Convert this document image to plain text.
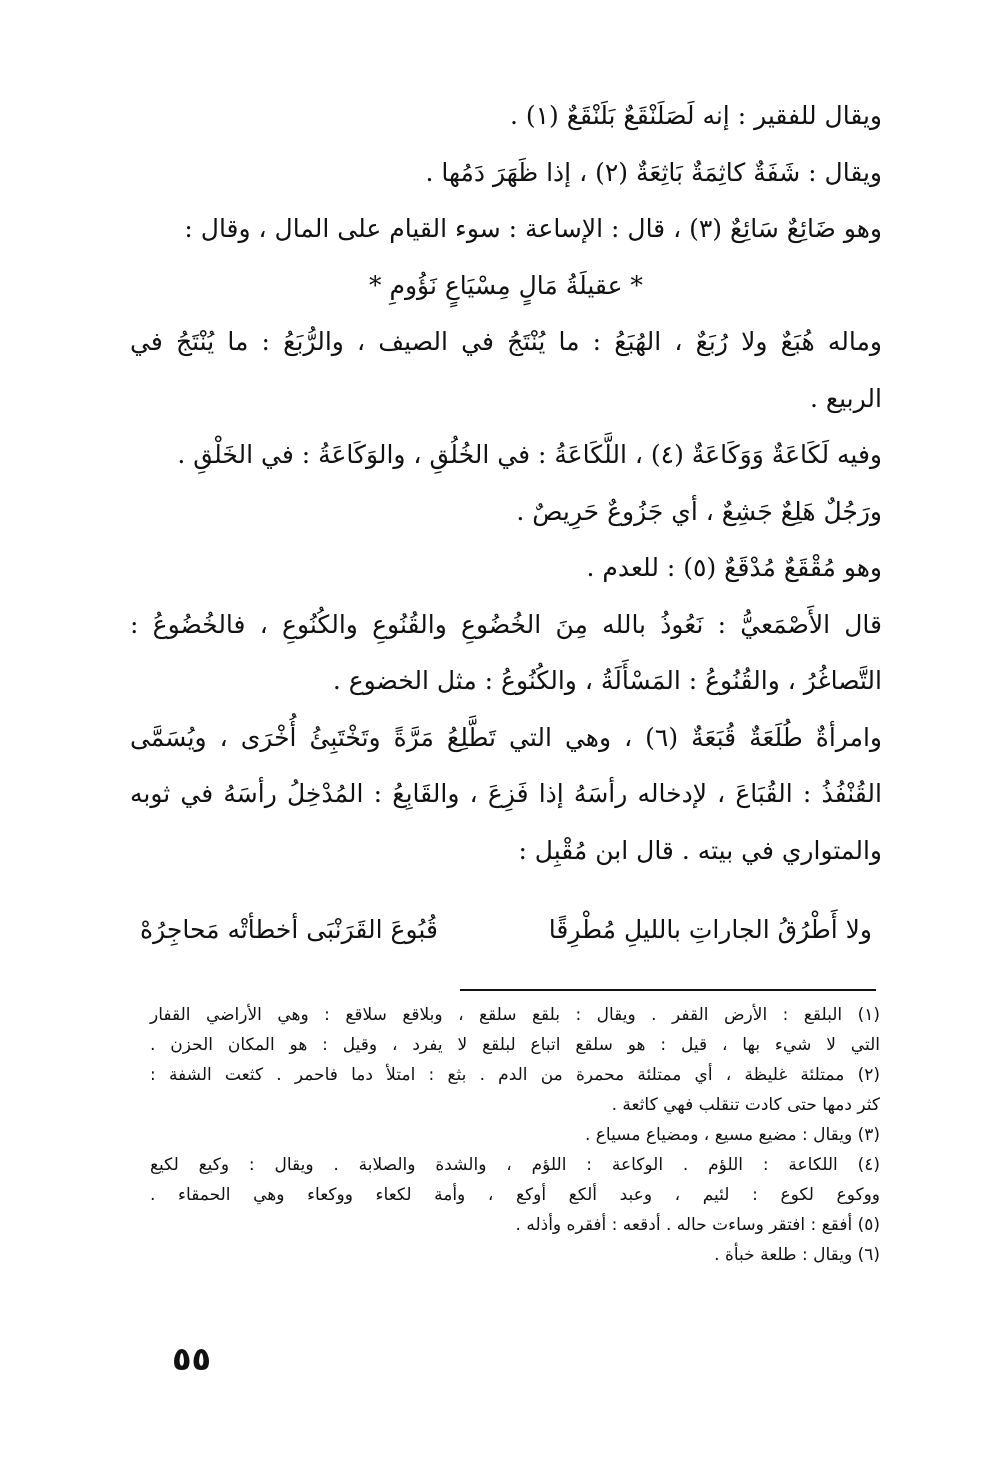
ويقال للفقير : إنه لَصَلَنْقَعٌ بَلَنْقَعٌ (١) .

ويقال : شَفَةٌ كاثِمَةٌ بَاثِعَةٌ (٢) ، إذا ظَهَرَ دَمُها .

وهو ضَائِعٌ سَائِعٌ (٣) ، قال : الإساعة : سوء القيام على المال ، وقال :

* عقيلَةُ مَالٍ مِسْيَاعٍ نَؤُومِ *

وماله هُبَعٌ ولا رُبَعٌ ، الهُبَعُ : ما يُنْتَجُ في الصيف ، والرُّبَعُ : ما يُنْتَجُ في

الربيع .

وفيه لَكَاعَةٌ وَوَكَاعَةٌ (٤) ، اللَّكَاعَةُ : في الخُلُقِ ، والوَكَاعَةُ : في الخَلْقِ .

ورَجُلٌ هَلِعٌ جَشِعٌ ، أي جَزُوعٌ حَرِيصٌ .

وهو مُقْقَعٌ مُدْقَعٌ (٥) : للعدم .

قال الأَصْمَعيُّ : نَعُوذُ بالله مِنَ الخُضُوعِ والقُنُوعِ والكُنُوعِ ، فالخُضُوعُ :

التَّصاغُرُ ، والقُنُوعُ : المَسْأَلَةُ ، والكُنُوعُ : مثل الخضوع .

وامرأةٌ طُلَعَةٌ قُبَعَةٌ (٦) ، وهي التي تَطَّلِعُ مَرَّةً وتَخْتَبِئُ أُخْرَى ، ويُسَمَّى

القُنْفُذُ : القُبَاعَ ، لإدخاله رأسَهُ إذا فَزِعَ ، والقَابِعُ : المُدْخِلُ رأسَهُ في ثوبه

والمتواري في بيته . قال ابن مُقْبِل :

ولا أَطْرُقُ الجاراتِ بالليلِ مُطْرِقًا
قُبُوعَ القَرَنْبَى أخطأتْه مَحاجِرُهْ

(١) البلقع : الأرض القفر . ويقال : بلقع سلقع ، وبلاقع سلاقع : وهي الأراضي القفار

التي لا شيء بها ، قيل : هو سلقع اتباع لبلقع لا يفرد ، وقيل : هو المكان الحزن .

(٢) ممتلئة غليظة ، أي ممتلئة محمرة من الدم . بثع : امتلأ دما فاحمر . كثعت الشفة :

كثر دمها حتى كادت تنقلب فهي كاثعة .

(٣) ويقال : مضيع مسيع ، ومضياع مسياع .

(٤) اللكاعة : اللؤم . الوكاعة : اللؤم ، والشدة والصلابة . ويقال : وكيع لكيع

ووكوع لكوع : لئيم ، وعبد ألكع أوكع ، وأمة لكعاء ووكعاء وهي الحمقاء .

(٥) أفقع : افتقر وساءت حاله . أدقعه : أفقره وأذله .

(٦) ويقال : طلعة خبأة .

٥٥
